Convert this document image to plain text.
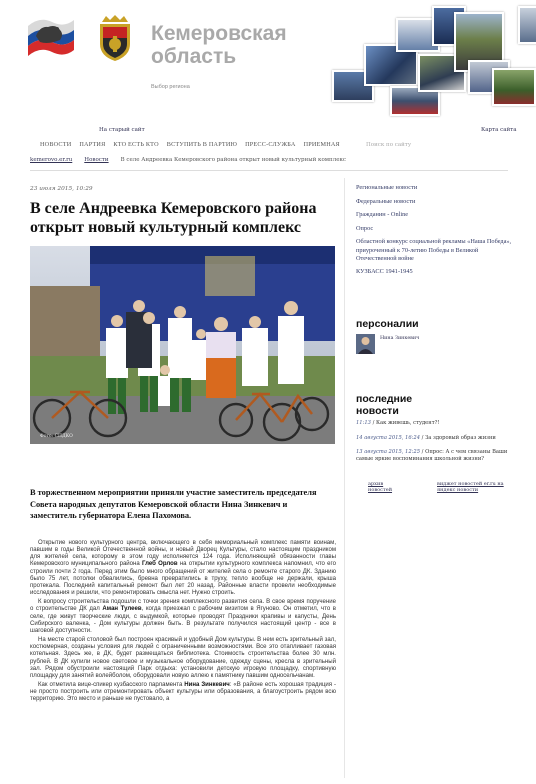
Кемеровская область
Выбор региона
На старый сайт	Карта сайта
НОВОСТИ	ПАРТИЯ	КТО ЕСТЬ КТО	ВСТУПИТЬ В ПАРТИЮ	ПРЕСС-СЛУЖБА	ПРИЕМНАЯ	Поиск по сайту
kemerovo.er.ru Новости В селе Андреевка Кемеровского района открыт новый культурный комплекс
23 июля 2015, 10:29
В селе Андреевка Кемеровского района открыт новый культурный комплекс
Фото: СПДКО
В торжественном мероприятии приняли участие заместитель председателя Совета народных депутатов Кемеровской области Нина Зинкевич и заместитель губернатора Елена Пахомова.

Открытие нового культурного центра, включающего в себя мемориальный комплекс памяти воинам, павшим в годы Великой Отечественной войны, и новый Дворец Культуры, стало настоящим праздником для жителей села, которому в этом году исполняется 124 года. Исполняющий обязанности главы Кемеровского муниципального района Глеб Орлов на открытии культурного комплекса напомнил, что его строили почти 2 года. Перед этим было много обращений от жителей села о ремонте старого ДК. Зданию было 75 лет, потолки обвалились, бревна превратились в труху, тепло вообще не держали, крыша протекала. Последний капитальный ремонт был лет 20 назад. Районные власти провели необходимые исследования и решили, что ремонтировать смысла нет. Нужно строить.

К вопросу строительства подошли с точки зрения комплексного развития села. В свое время поручение о строительстве ДК дал Аман Тулеев, когда приезжал с рабочим визитом в Ягуново. Он отметил, что в селе, где живут творческие люди, с выдумкой, которые проводят Праздники крапивы и капусты, День Сибирского валенка, - Дом культуры должен быть. В результате получился настоящий центр - все в шаговой доступности.

На месте старой столовой был построен красивый и удобный Дом культуры. В нем есть зрительный зал, костюмерная, созданы условия для людей с ограниченными возможностями. Все это отапливает газовая котельная. Здесь же, в ДК, будет размещаться библиотека. Стоимость строительства более 30 млн. рублей. В ДК купили новое световое и музыкальное оборудование, одежду сцены, кресла в зрительный зал. Рядом обустроили настоящий Парк отдыха: установили детскую игровую площадку, спортивную площадку для занятий волейболом, оборудовали новую аллею к памятнику павшим односельчанам.

Как отметила вице-спикер кузбасского парламента Нина Зинкевич: «В районе есть хорошая традиция - не просто построить или отремонтировать объект культуры или образования, а благоустроить рядом всю территорию. Это место и раньше не пустовало, а

Региональные новости
Федеральные новости
Гражданин - Online
Опрос
Областной конкурс социальной рекламы «Наша Победа», приуроченный к 70-летию Победы в Великой Отечественной войне
КУЗБАСС 1941-1945
персоналии
Нина Зинкевич
последние новости
11:13 / Как живешь, студент?!
14 августа 2015, 16:24 / За здоровый образ жизни
13 августа 2015, 12:25 / Опрос: А с чем связаны Ваши самые яркие воспоминания школьной жизни?
архив новостей
виджет новостей er.ru на яндекс новости
